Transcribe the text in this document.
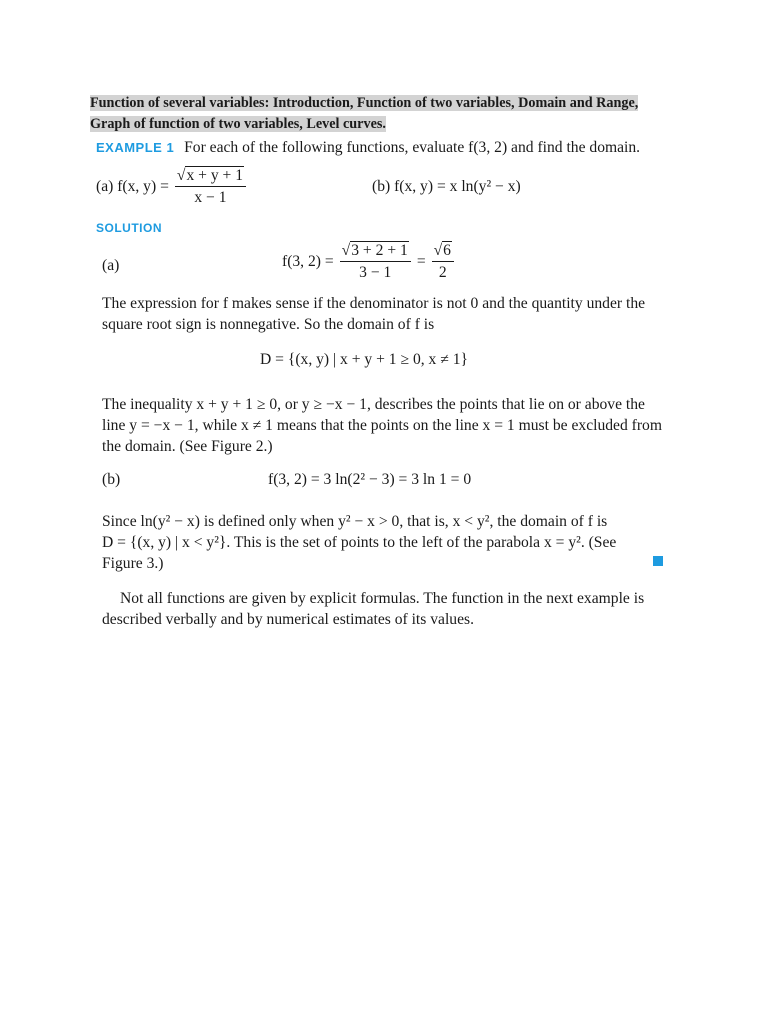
Function of several variables: Introduction, Function of two variables, Domain and Range,
Graph of function of two variables, Level curves.
EXAMPLE 1 For each of the following functions, evaluate f(3, 2) and find the domain.
(a) f(x, $y) = \frac{√x + y + 1}{x - 1}$	(b) f(x, y) = x ln(y² − x)
SOLUTION
(a)	f(3, $2) = \frac{√3 + 2 + 1}{3 - 1} = \frac{√6}{2}$
The expression for f makes sense if the denominator is not 0 and the quantity under the
square root sign is nonnegative. So the domain of f is
D = {(x, y) | x + y + 1 ≥ 0, x ≠ 1}
The inequality x + y + 1 ≥ 0, or y ≥ −x − 1, describes the points that lie on or above the line y = −x − 1, while x ≠ 1 means that the points on the line x = 1 must be excluded from the domain. (See Figure 2.)
(b)	f(3, 2) = 3 ln(2² − 3) = 3 ln 1 = 0
Since ln(y² − x) is defined only when y² − x > 0, that is, x < y², the domain of f is
D = {(x, y) | x < y²}. This is the set of points to the left of the parabola x = y². (See
Figure 3.)
Not all functions are given by explicit formulas. The function in the next example is
described verbally and by numerical estimates of its values.
